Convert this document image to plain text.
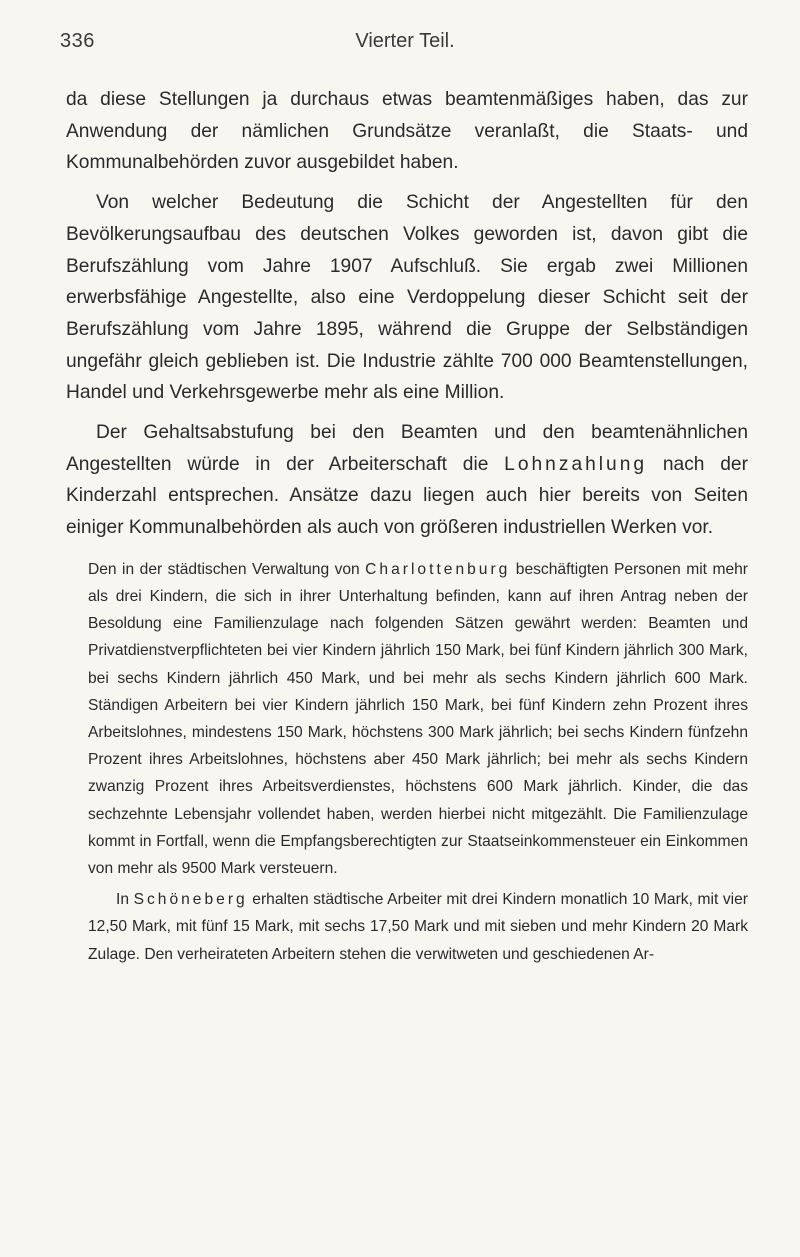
336	Vierter Teil.

da diese Stellungen ja durchaus etwas beamtenmäßiges haben, das zur Anwendung der nämlichen Grundsätze veranlaßt, die Staats- und Kommunalbehörden zuvor ausgebildet haben.

Von welcher Bedeutung die Schicht der Angestellten für den Bevölkerungsaufbau des deutschen Volkes geworden ist, davon gibt die Berufszählung vom Jahre 1907 Aufschluß. Sie ergab zwei Millionen erwerbsfähige Angestellte, also eine Verdoppelung dieser Schicht seit der Berufszählung vom Jahre 1895, während die Gruppe der Selbständigen ungefähr gleich geblieben ist. Die Industrie zählte 700 000 Beamtenstellungen, Handel und Verkehrsgewerbe mehr als eine Million.

Der Gehaltsabstufung bei den Beamten und den beamtenähnlichen Angestellten würde in der Arbeiterschaft die Lohnzahlung nach der Kinderzahl entsprechen. Ansätze dazu liegen auch hier bereits von Seiten einiger Kommunalbehörden als auch von größeren industriellen Werken vor.

Den in der städtischen Verwaltung von Charlottenburg beschäftigten Personen mit mehr als drei Kindern, die sich in ihrer Unterhaltung befinden, kann auf ihren Antrag neben der Besoldung eine Familienzulage nach folgenden Sätzen gewährt werden: Beamten und Privatdienstverpflichteten bei vier Kindern jährlich 150 Mark, bei fünf Kindern jährlich 300 Mark, bei sechs Kindern jährlich 450 Mark, und bei mehr als sechs Kindern jährlich 600 Mark. Ständigen Arbeitern bei vier Kindern jährlich 150 Mark, bei fünf Kindern zehn Prozent ihres Arbeitslohnes, mindestens 150 Mark, höchstens 300 Mark jährlich; bei sechs Kindern fünfzehn Prozent ihres Arbeitslohnes, höchstens aber 450 Mark jährlich; bei mehr als sechs Kindern zwanzig Prozent ihres Arbeitsverdienstes, höchstens 600 Mark jährlich. Kinder, die das sechzehnte Lebensjahr vollendet haben, werden hierbei nicht mitgezählt. Die Familienzulage kommt in Fortfall, wenn die Empfangsberechtigten zur Staatseinkommensteuer ein Einkommen von mehr als 9500 Mark versteuern.

In Schöneberg erhalten städtische Arbeiter mit drei Kindern monatlich 10 Mark, mit vier 12,50 Mark, mit fünf 15 Mark, mit sechs 17,50 Mark und mit sieben und mehr Kindern 20 Mark Zulage. Den verheirateten Arbeitern stehen die verwitweten und geschiedenen Ar-
